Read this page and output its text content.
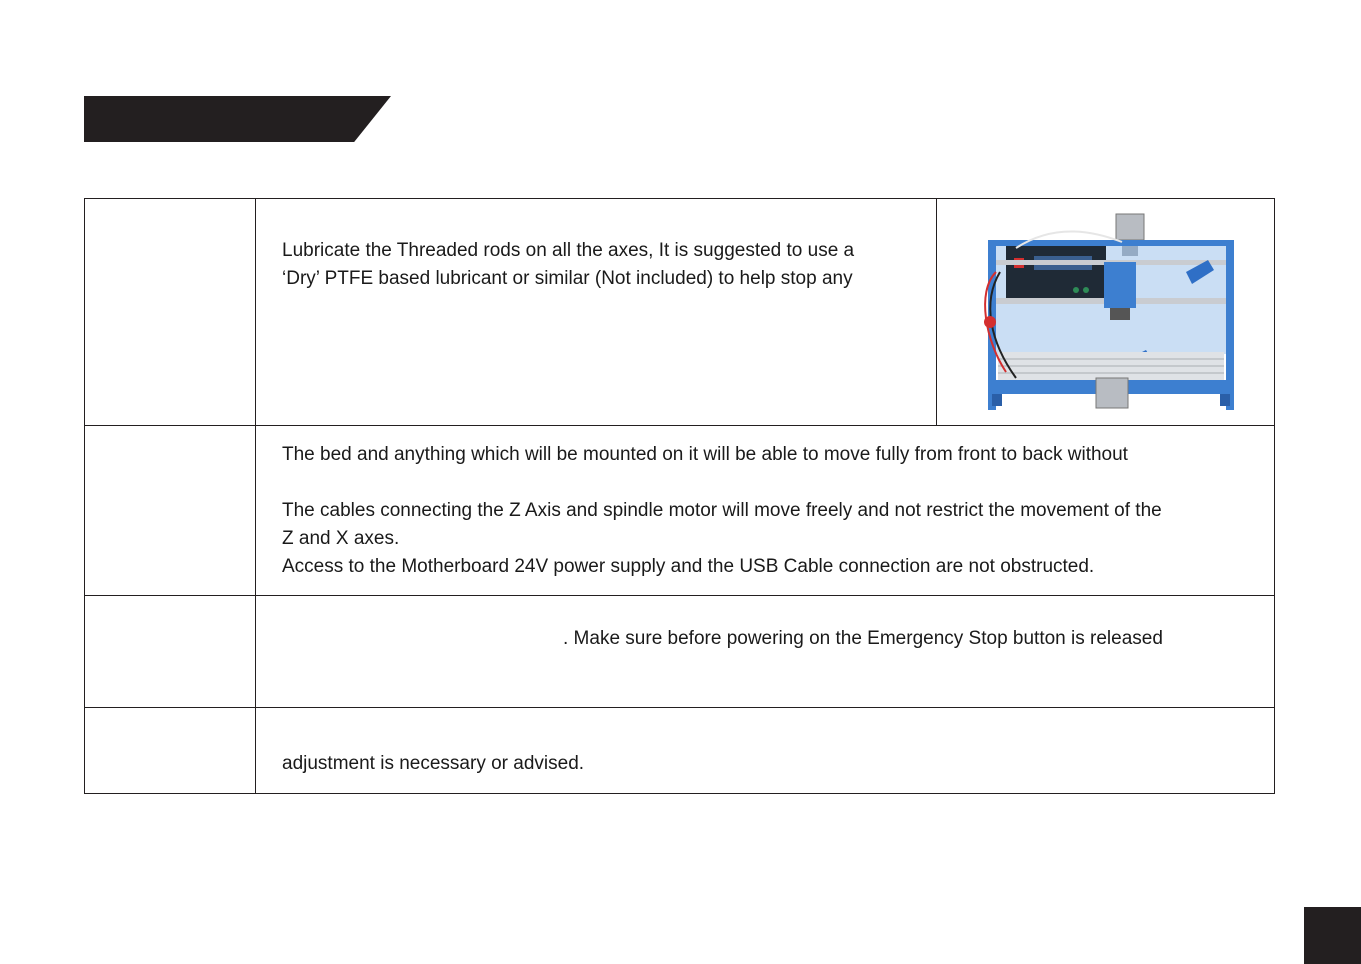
	Lubricate the Threaded rods on all the axes, It is suggested to use a
‘Dry’ PTFE based lubricant or similar (Not included) to help stop any

	The bed and anything which will be mounted on it will be able to move fully from front to back without
The cables connecting the Z Axis and spindle motor will move freely and not restrict the movement of the
Z and X axes.
Access to the Motherboard 24V power supply and the USB Cable connection are not obstructed.	

	. Make sure before powering on the Emergency Stop button is released	

	adjustment is necessary or advised.	
